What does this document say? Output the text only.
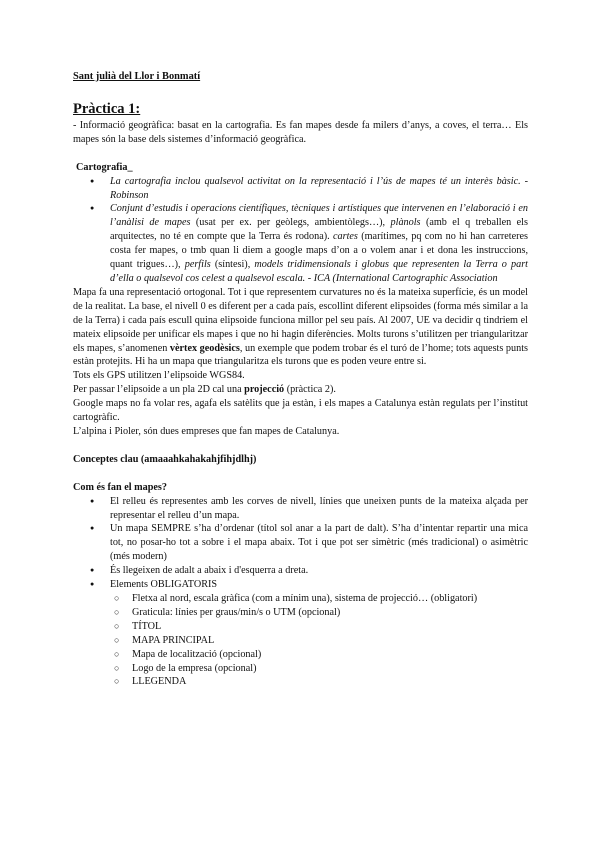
Sant julià del Llor i Bonmatí

Pràctica 1:

- Informació geogràfica: basat en la cartografia. Es fan mapes desde fa milers d’anys, a coves, el terra… Els mapes són la base dels sistemes d’informació geogràfica.

Cartografia_

● La cartografia inclou qualsevol activitat on la representació i l’ús de mapes té un interès bàsic. - Robinson
● Conjunt d’estudis i operacions científiques, tècniques i artístiques que intervenen en l’elaboració i en l’anàlisi de mapes (usat per ex. per geòlegs, ambientòlegs…), plànols (amb el q treballen els arquitectes, no té en compte que la Terra és rodona). cartes (marítimes, pq com no hi han carreteres costa fer mapes, o tmb quan li diem a google maps d’on a o volem anar i et dona les instruccions, quant trigues…), perfils (síntesi), models tridimensionals i globus que representen la Terra o part d’ella o qualsevol cos celest a qualsevol escala. - ICA (International Cartographic Association

Mapa fa una representació ortogonal. Tot i que representem curvatures no és la mateixa superfície, és un model de la realitat. La base, el nivell 0 es diferent per a cada país, escollint diferent elipsoides (forma més similar a la de la Terra) i cada país escull quina elipsoide funciona millor pel seu país. Al 2007, UE va decidir q tindriem el mateix elipsoide per unificar els mapes i que no hi hagin diferències. Molts turons s’utilitzen per triangularitzar els mapes, s’anomenen vèrtex geodèsics, un exemple que podem trobar és el turó de l’home; tots aquests punts estàn protejits. Hi ha un mapa que triangularitza els turons que es poden veure entre si.

Tots els GPS utilitzen l’elipsoide WGS84.

Per passar l’elipsoide a un pla 2D cal una projecció (pràctica 2).

Google maps no fa volar res, agafa els satèlits que ja estàn, i els mapes a Catalunya estàn regulats per l’institut cartogràfic.

L’alpina i Pioler, són dues empreses que fan mapes de Catalunya.

Conceptes clau (amaaahkahakahjfihjdlhj)

Com és fan el mapes?

● El relleu és representes amb les corves de nivell, línies que uneixen punts de la mateixa alçada per representar el relleu d’un mapa.
● Un mapa SEMPRE s’ha d’ordenar (títol sol anar a la part de dalt). S’ha d’intentar repartir una mica tot, no posar-ho tot a sobre i el mapa abaix. Tot i que pot ser simètric (més tradicional) o asimètric (més modern)
● És llegeixen de adalt a abaix i d'esquerra a dreta.
● Elements OBLIGATORIS
○ Fletxa al nord, escala gràfica (com a mínim una), sistema de projecció… (obligatori)
○ Graticula: línies per graus/min/s o UTM (opcional)
○ TÍTOL
○ MAPA PRINCIPAL
○ Mapa de localització (opcional)
○ Logo de la empresa (opcional)
○ LLEGENDA
